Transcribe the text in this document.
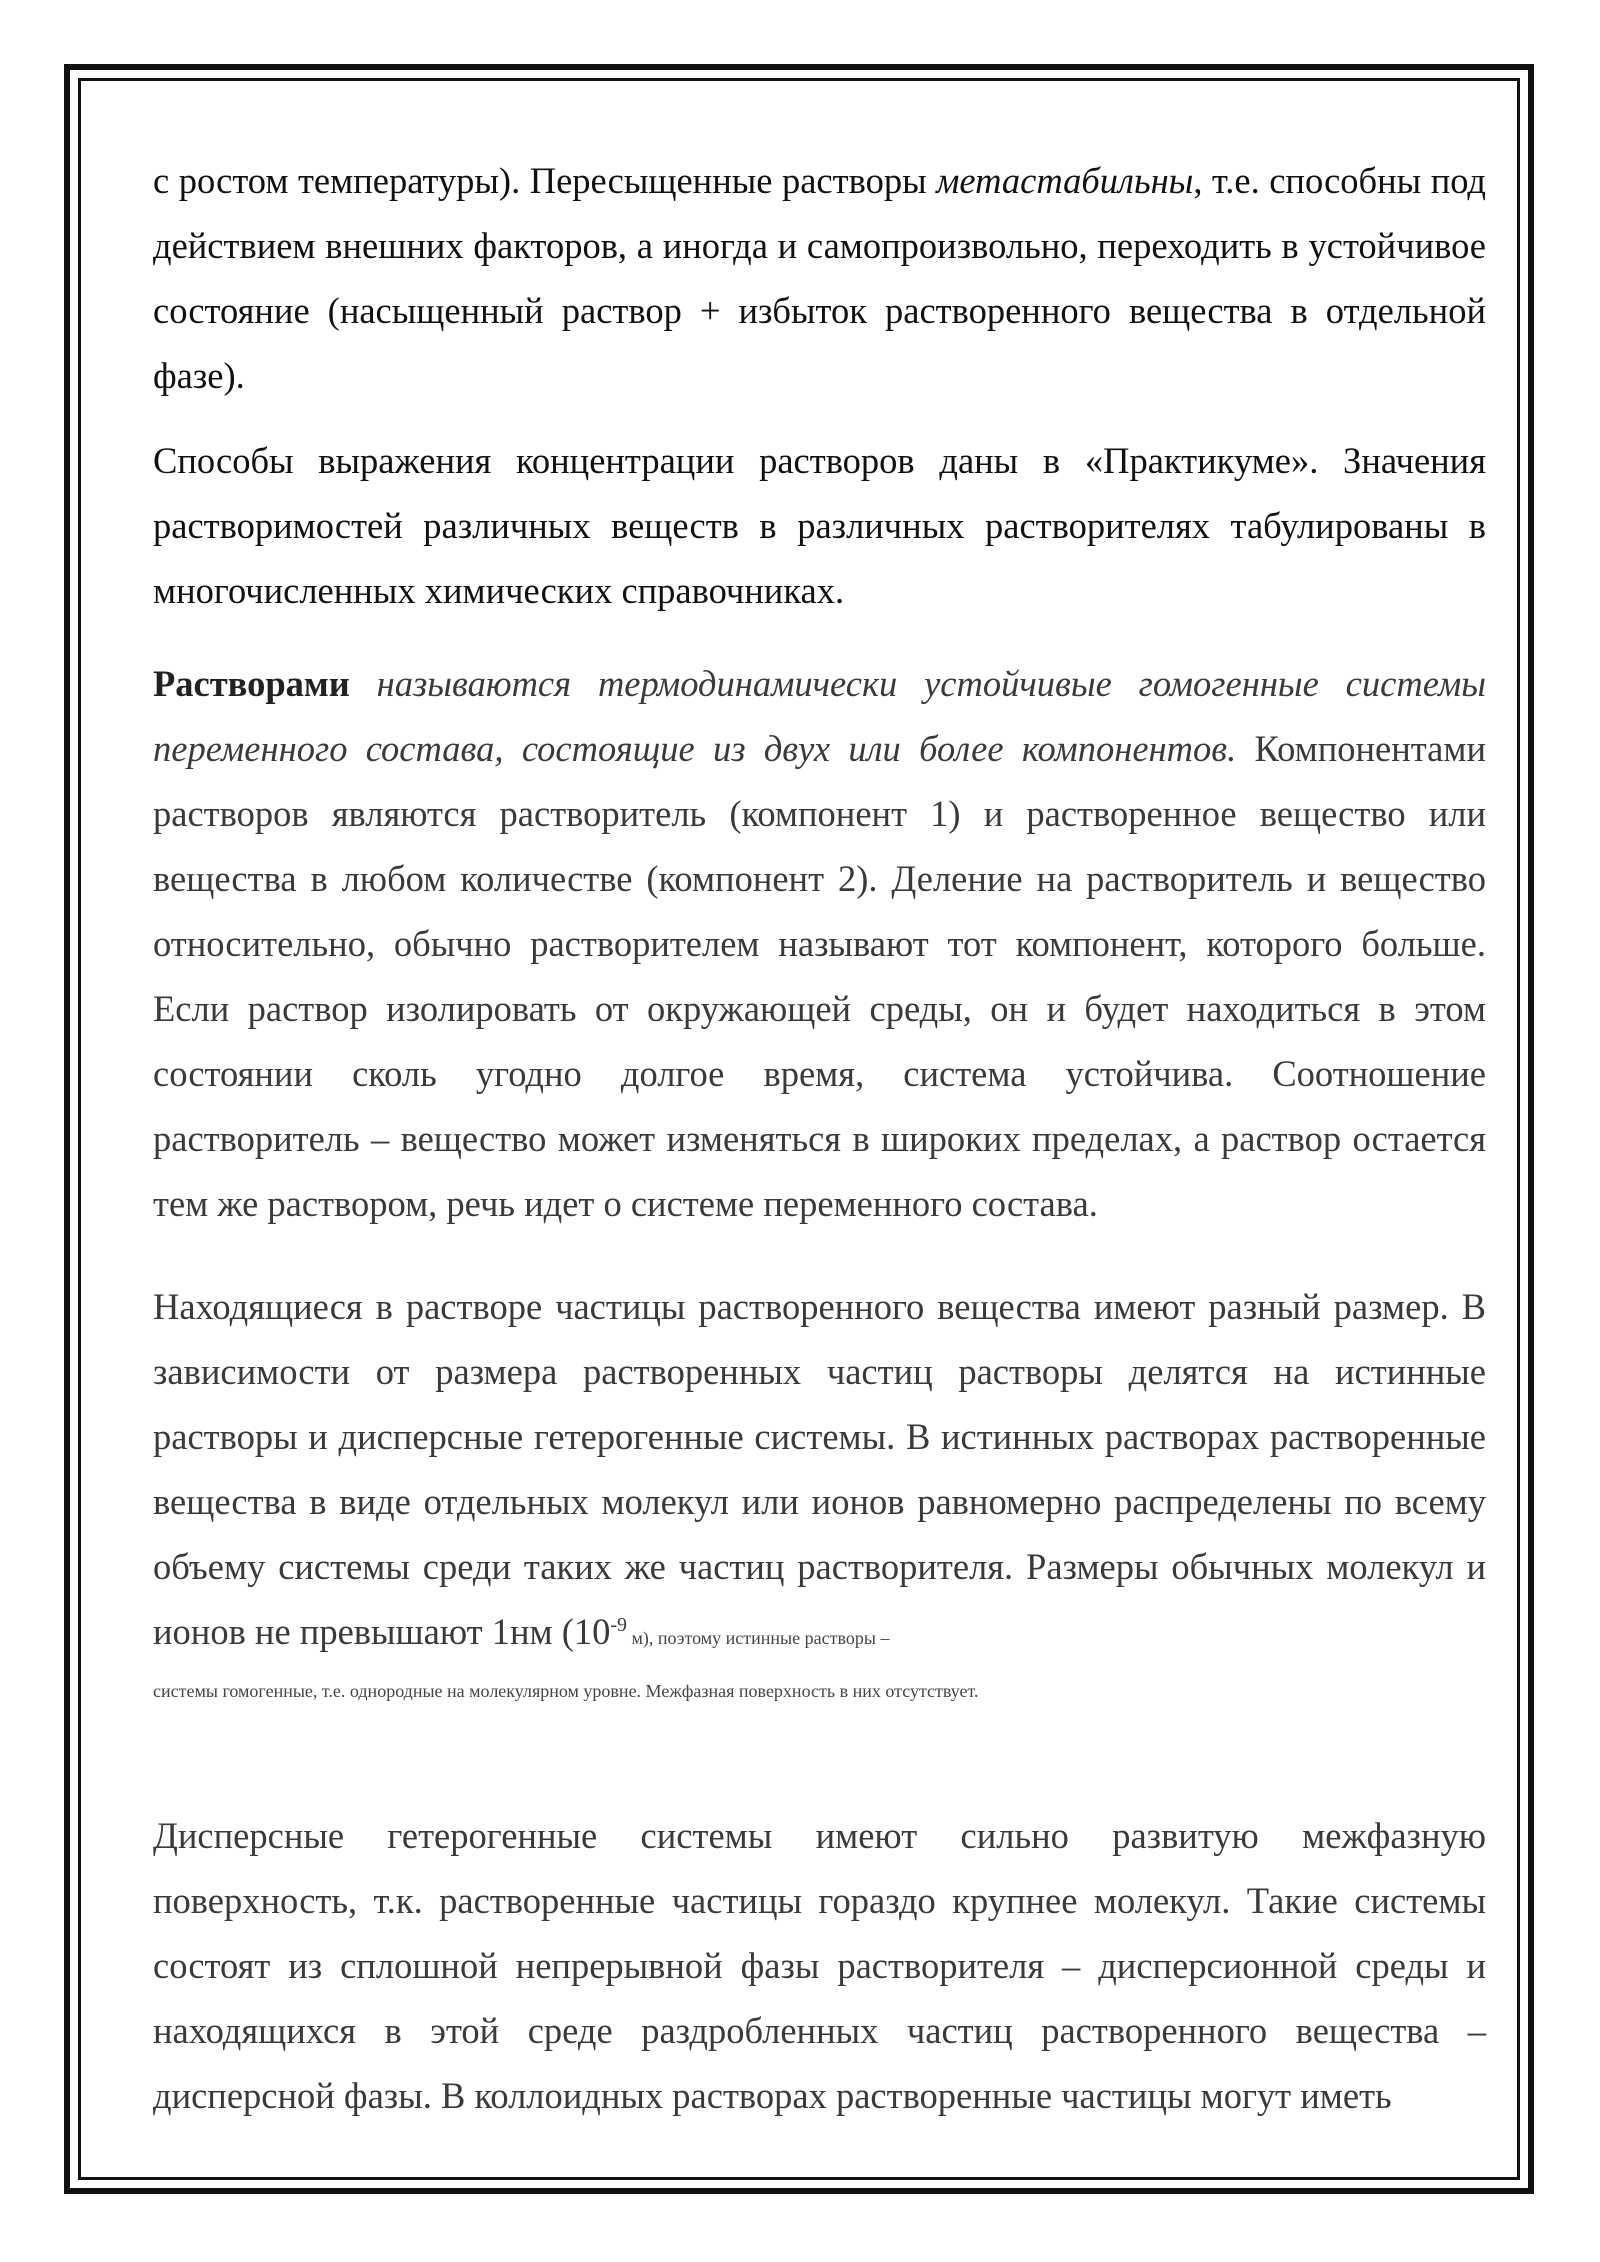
с ростом температуры). Пересыщенные растворы метастабильны, т.е. способны под действием внешних факторов, а иногда и самопроизвольно, переходить в устойчивое состояние (насыщенный раствор + избыток растворенного вещества в отдельной фазе).

Способы выражения концентрации растворов даны в «Практикуме». Значения растворимостей различных веществ в различных растворителях табулированы в многочисленных химических справочниках.

Растворами называются термодинамически устойчивые гомогенные системы переменного состава, состоящие из двух или более компонентов. Компонентами растворов являются растворитель (компонент 1) и растворенное вещество или вещества в любом количестве (компонент 2). Деление на растворитель и вещество относительно, обычно растворителем называют тот компонент, которого больше. Если раствор изолировать от окружающей среды, он и будет находиться в этом состоянии сколь угодно долгое время, система устойчива. Соотношение растворитель – вещество может изменяться в широких пределах, а раствор остается тем же раствором, речь идет о системе переменного состава.

Находящиеся в растворе частицы растворенного вещества имеют разный размер. В зависимости от размера растворенных частиц растворы делятся на истинные растворы и дисперсные гетерогенные системы. В истинных растворах растворенные вещества в виде отдельных молекул или ионов равномерно распределены по всему объему системы среди таких же частиц растворителя. Размеры обычных молекул и ионов не превышают 1нм ($10^{-9}$ м), поэтому истинные растворы –

системы гомогенные, т.е. однородные на молекулярном уровне. Межфазная поверхность в них отсутствует.

Дисперсные гетерогенные системы имеют сильно развитую межфазную поверхность, т.к. растворенные частицы гораздо крупнее молекул. Такие системы состоят из сплошной непрерывной фазы растворителя – дисперсионной среды и находящихся в этой среде раздробленных частиц растворенного вещества – дисперсной фазы. В коллоидных растворах растворенные частицы могут иметь
